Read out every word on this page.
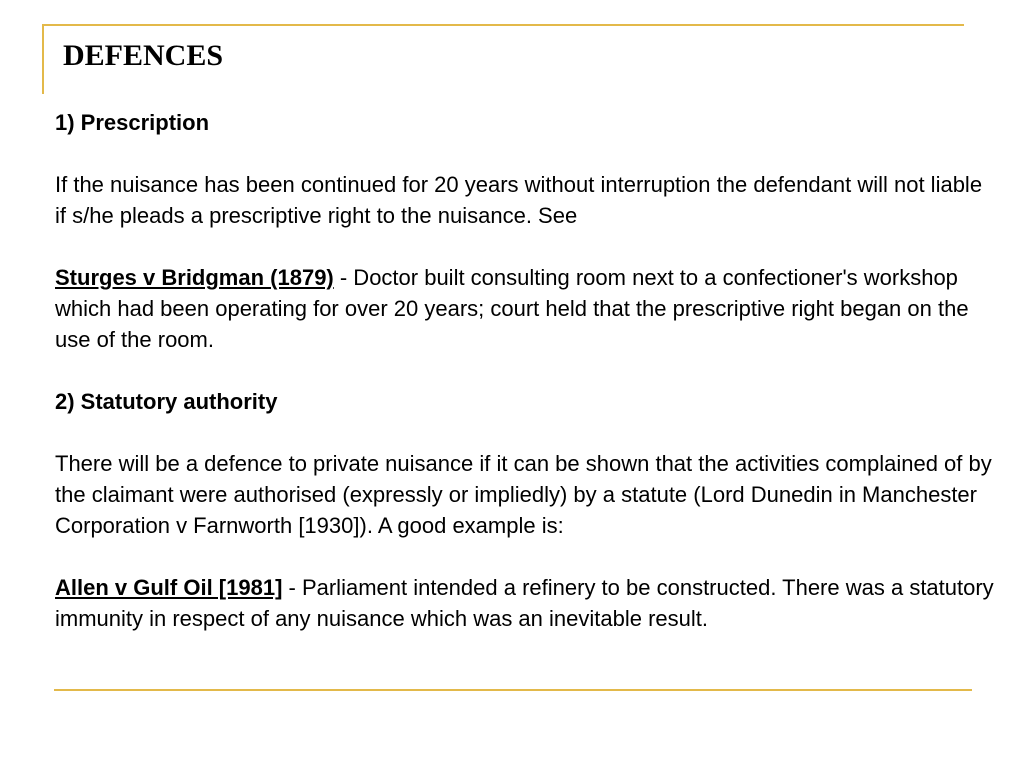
DEFENCES

1) Prescription

If the nuisance has been continued for 20 years without interruption the defendant will not liable if s/he pleads a prescriptive right to the nuisance. See

Sturges v Bridgman (1879) - Doctor built consulting room next to a confectioner's workshop which had been operating for over 20 years; court held that the prescriptive right began on the use of the room.

2) Statutory authority

There will be a defence to private nuisance if it can be shown that the activities complained of by the claimant were authorised (expressly or impliedly) by a statute (Lord Dunedin in Manchester Corporation v Farnworth [1930]). A good example is:

Allen v Gulf Oil [1981] - Parliament intended a refinery to be constructed. There was a statutory immunity in respect of any nuisance which was an inevitable result.
